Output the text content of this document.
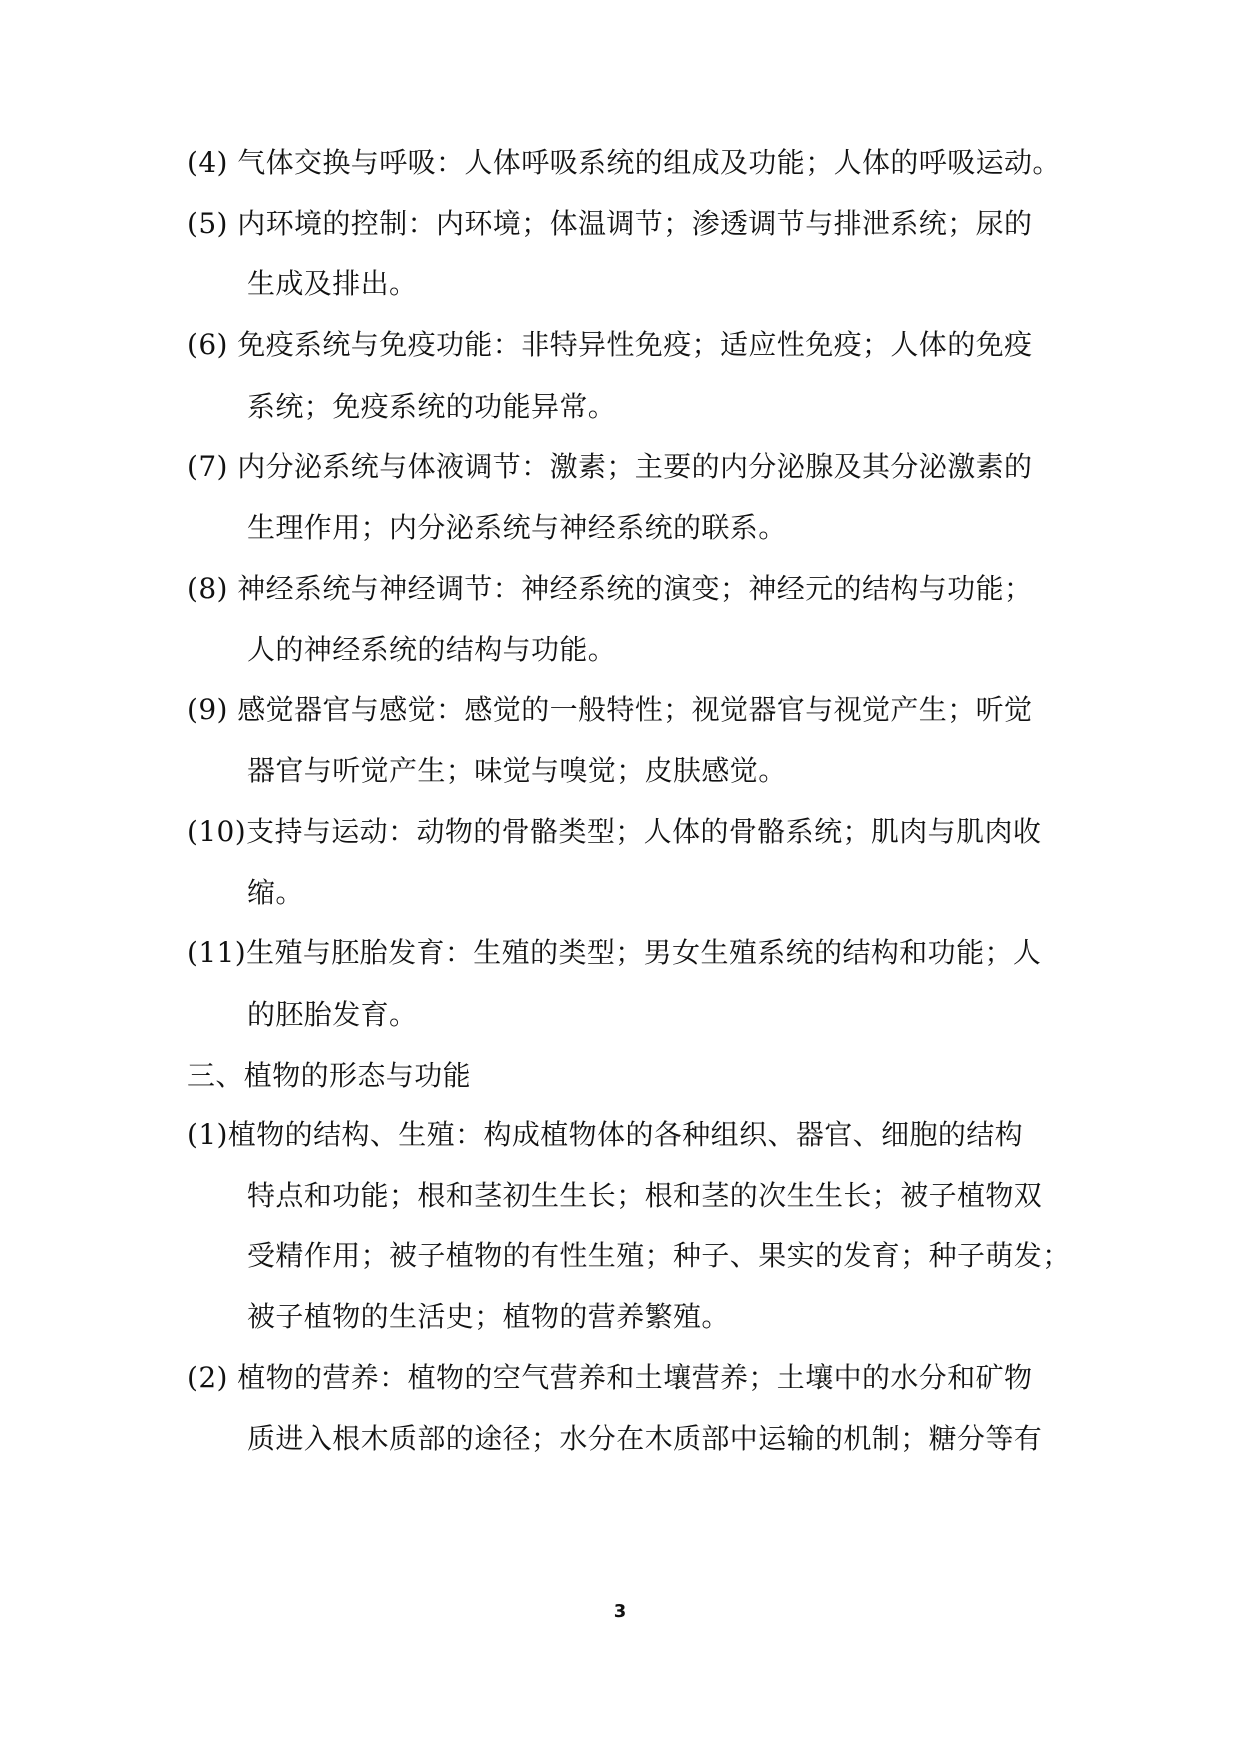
(4) 气体交换与呼吸：人体呼吸系统的组成及功能；人体的呼吸运动。
(5) 内环境的控制：内环境；体温调节；渗透调节与排泄系统；尿的
生成及排出。
(6) 免疫系统与免疫功能：非特异性免疫；适应性免疫；人体的免疫
系统；免疫系统的功能异常。
(7) 内分泌系统与体液调节：激素；主要的内分泌腺及其分泌激素的
生理作用；内分泌系统与神经系统的联系。
(8) 神经系统与神经调节：神经系统的演变；神经元的结构与功能；
人的神经系统的结构与功能。
(9) 感觉器官与感觉：感觉的一般特性；视觉器官与视觉产生；听觉
器官与听觉产生；味觉与嗅觉；皮肤感觉。
(10)支持与运动：动物的骨骼类型；人体的骨骼系统；肌肉与肌肉收
缩。
(11)生殖与胚胎发育：生殖的类型；男女生殖系统的结构和功能；人
的胚胎发育。
三、植物的形态与功能
(1)植物的结构、生殖：构成植物体的各种组织、器官、细胞的结构
特点和功能；根和茎初生生长；根和茎的次生生长；被子植物双
受精作用；被子植物的有性生殖；种子、果实的发育；种子萌发；
被子植物的生活史；植物的营养繁殖。
(2) 植物的营养：植物的空气营养和土壤营养；土壤中的水分和矿物
质进入根木质部的途径；水分在木质部中运输的机制；糖分等有
3
